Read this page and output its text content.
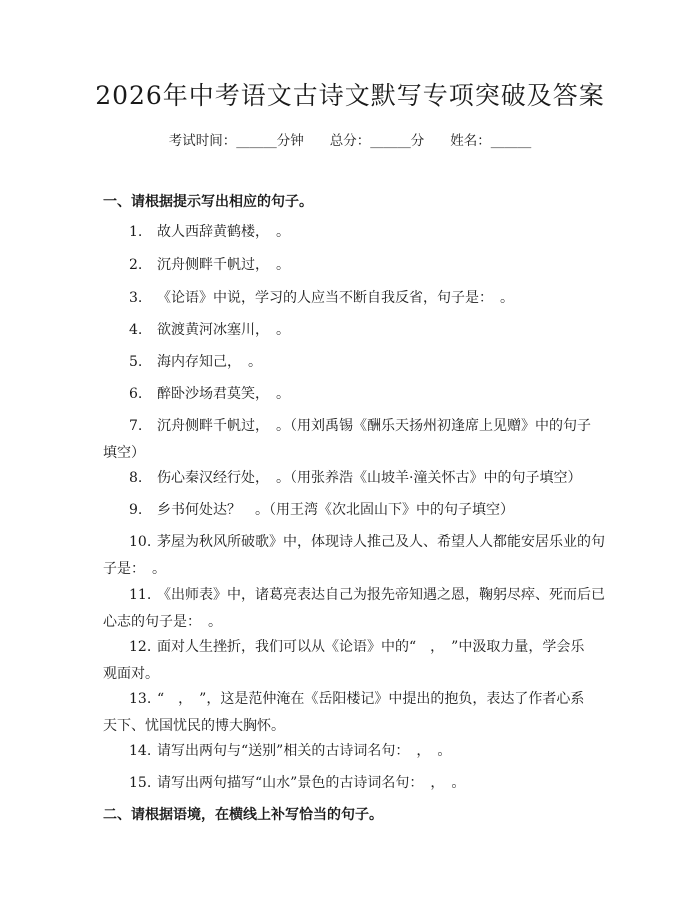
2026年中考语文古诗文默写专项突破及答案
考试时间：______分钟 总分：______分 姓名：______
一、请根据提示写出相应的句子。
1. 故人西辞黄鹤楼，　。
2. 沉舟侧畔千帆过，　。
3. 《论语》中说，学习的人应当不断自我反省，句子是：　。
4. 欲渡黄河冰塞川，　。
5. 海内存知己，　。
6. 醉卧沙场君莫笑，　。
7. 沉舟侧畔千帆过，　。（用刘禹锡《酬乐天扬州初逢席上见赠》中的句子
填空）
8. 伤心秦汉经行处，　。（用张养浩《山坡羊·潼关怀古》中的句子填空）
9. 乡书何处达？　。（用王湾《次北固山下》中的句子填空）
10. 茅屋为秋风所破歌》中，体现诗人推己及人、希望人人都能安居乐业的句
子是：　。
11. 《出师表》中，诸葛亮表达自己为报先帝知遇之恩，鞠躬尽瘁、死而后已
心志的句子是：　。
12. 面对人生挫折，我们可以从《论语》中的“　，　”中汲取力量，学会乐
观面对。
13. “　，　”，这是范仲淹在《岳阳楼记》中提出的抱负，表达了作者心系
天下、忧国忧民的博大胸怀。
14. 请写出两句与“送别”相关的古诗词名句：　，　。
15. 请写出两句描写“山水”景色的古诗词名句：　，　。
二、请根据语境，在横线上补写恰当的句子。
